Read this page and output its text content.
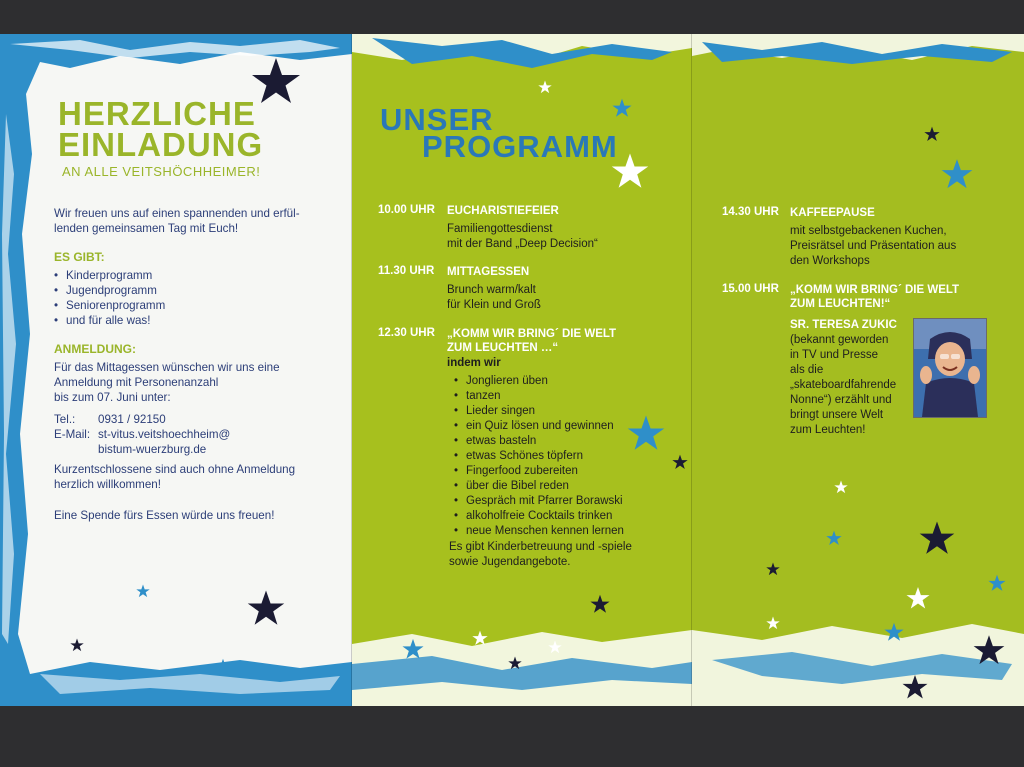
HERZLICHE
EINLADUNG
AN ALLE VEITSHÖCHHEIMER!
Wir freuen uns auf einen spannenden und erfül-
lenden gemeinsamen Tag mit Euch!
ES GIBT:
• Kinderprogramm
• Jugendprogramm
• Seniorenprogramm
• und für alle was!
ANMELDUNG:
Für das Mittagessen wünschen wir uns eine
Anmeldung mit Personenanzahl
bis zum 07. Juni unter:
Tel.:	0931 / 92150
E-Mail: st-vitus.veitshoechheim@
bistum-wuerzburg.de
Kurzentschlossene sind auch ohne Anmeldung
herzlich willkommen!
Eine Spende fürs Essen würde uns freuen!
UNSER
PROGRAMM
10.00 UHR EUCHARISTIEFEIER
Familiengottesdienst
mit der Band „Deep Decision“
11.30 UHR MITTAGESSEN
Brunch warm/kalt
für Klein und Groß
12.30 UHR „KOMM WIR BRING´ DIE WELT
ZUM LEUCHTEN …“
indem wir
• Jonglieren üben
• tanzen
• Lieder singen
• ein Quiz lösen und gewinnen
• etwas basteln
• etwas Schönes töpfern
• Fingerfood zubereiten
• über die Bibel reden
• Gespräch mit Pfarrer Borawski
• alkoholfreie Cocktails trinken
• neue Menschen kennen lernen
Es gibt Kinderbetreuung und -spiele
sowie Jugendangebote.
14.30 UHR KAFFEEPAUSE
mit selbstgebackenen Kuchen,
Preisrätsel und Präsentation aus
den Workshops
15.00 UHR „KOMM WIR BRING´ DIE WELT
ZUM LEUCHTEN!“
SR. TERESA ZUKIC
(bekannt geworden
in TV und Presse
als die
„skateboardfahrende
Nonne“) erzählt und
bringt unsere Welt
zum Leuchten!
